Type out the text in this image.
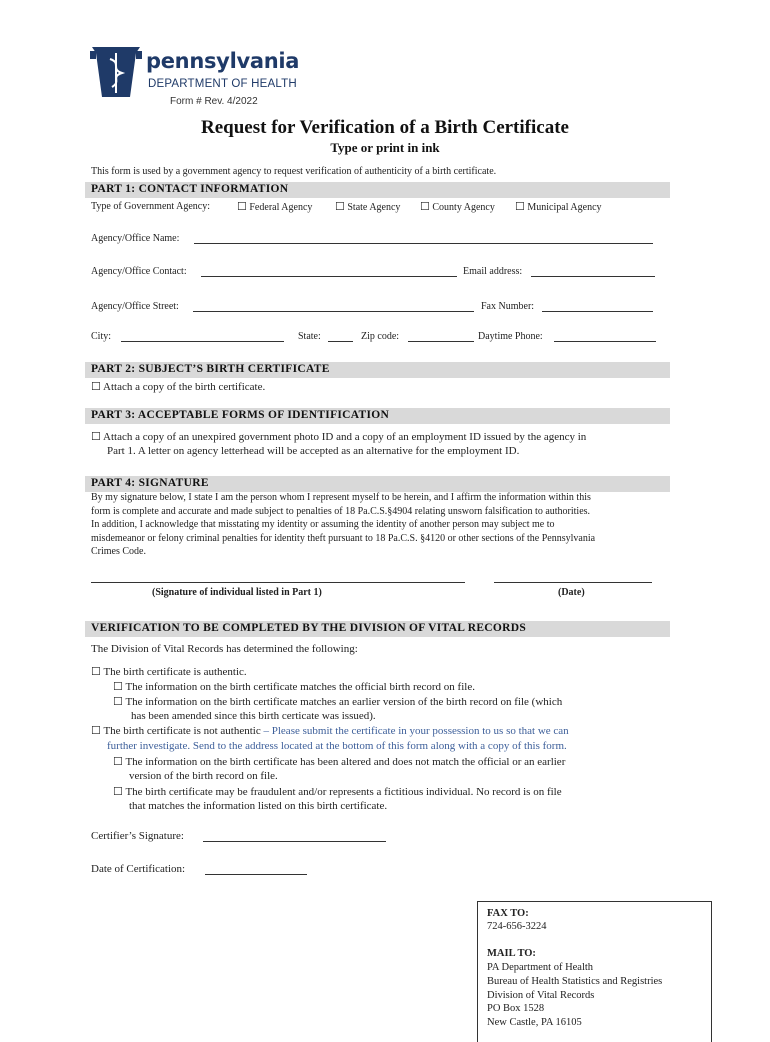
pennsylvania
DEPARTMENT OF HEALTH
Form # Rev. 4/2022
Request for Verification of a Birth Certificate
Type or print in ink
This form is used by a government agency to request verification of authenticity of a birth certificate.
PART 1: CONTACT INFORMATION
Type of Government Agency: ☐ Federal Agency ☐ State Agency ☐ County Agency ☐ Municipal Agency
Agency/Office Name:
Agency/Office Contact:	Email address:
Agency/Office Street:	Fax Number:
City:	State:	Zip code:	Daytime Phone:
PART 2: SUBJECT’S BIRTH CERTIFICATE
☐ Attach a copy of the birth certificate.
PART 3: ACCEPTABLE FORMS OF IDENTIFICATION
☐ Attach a copy of an unexpired government photo ID and a copy of an employment ID issued by the agency in
Part 1. A letter on agency letterhead will be accepted as an alternative for the employment ID.
PART 4: SIGNATURE
By my signature below, I state I am the person whom I represent myself to be herein, and I affirm the information within this
form is complete and accurate and made subject to penalties of 18 Pa.C.S.§4904 relating unsworn falsification to authorities.
In addition, I acknowledge that misstating my identity or assuming the identity of another person may subject me to
misdemeanor or felony criminal penalties for identity theft pursuant to 18 Pa.C.S. §4120 or other sections of the Pennsylvania
Crimes Code.
(Signature of individual listed in Part 1)	(Date)
VERIFICATION TO BE COMPLETED BY THE DIVISION OF VITAL RECORDS
The Division of Vital Records has determined the following:
☐ The birth certificate is authentic.
☐ The information on the birth certificate matches the official birth record on file.
☐ The information on the birth certificate matches an earlier version of the birth record on file (which
has been amended since this birth certicate was issued).
☐ The birth certificate is not authentic – Please submit the certificate in your possession to us so that we can
further investigate. Send to the address located at the bottom of this form along with a copy of this form.
☐ The information on the birth certificate has been altered and does not match the official or an earlier
version of the birth record on file.
☐ The birth certificate may be fraudulent and/or represents a fictitious individual. No record is on file
that matches the information listed on this birth certificate.
Certifier’s Signature:
Date of Certification:
FAX TO:
724-656-3224
MAIL TO:
PA Department of Health
Bureau of Health Statistics and Registries
Division of Vital Records
PO Box 1528
New Castle, PA 16105
